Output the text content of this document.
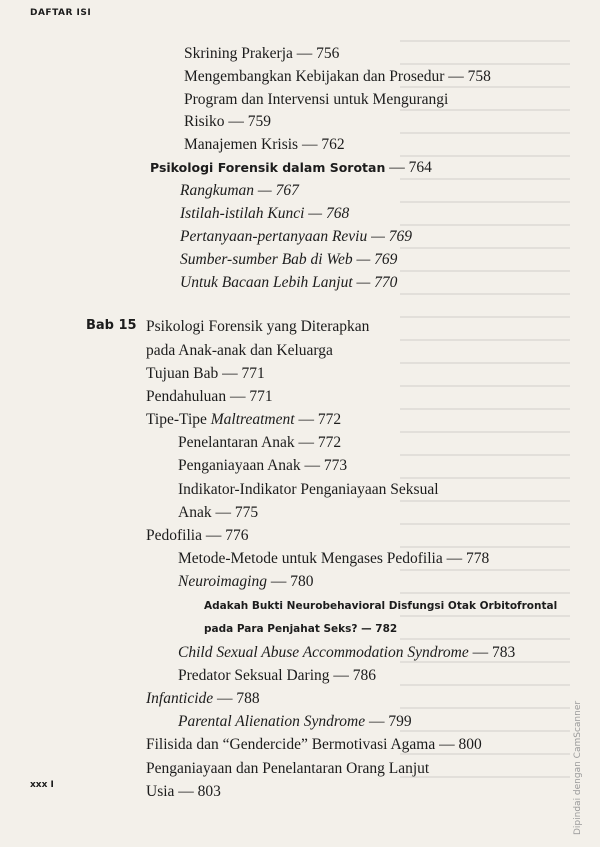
DAFTAR ISI
Skrining Prakerja — 756
Mengembangkan Kebijakan dan Prosedur — 758
Program dan Intervensi untuk Mengurangi
Risiko — 759
Manajemen Krisis — 762
Psikologi Forensik dalam Sorotan — 764
Rangkuman — 767
Istilah-istilah Kunci — 768
Pertanyaan-pertanyaan Reviu — 769
Sumber-sumber Bab di Web — 769
Untuk Bacaan Lebih Lanjut — 770
Bab 15 Psikologi Forensik yang Diterapkan
pada Anak-anak dan Keluarga
Tujuan Bab — 771
Pendahuluan — 771
Tipe-Tipe Maltreatment — 772
Penelantaran Anak — 772
Penganiayaan Anak — 773
Indikator-Indikator Penganiayaan Seksual
Anak — 775
Pedofilia — 776
Metode-Metode untuk Mengases Pedofilia — 778
Neuroimaging — 780
Adakah Bukti Neurobehavioral Disfungsi Otak Orbitofrontal
pada Para Penjahat Seks? — 782
Child Sexual Abuse Accommodation Syndrome — 783
Predator Seksual Daring — 786
Infanticide — 788
Parental Alienation Syndrome — 799
Filisida dan “Gendercide” Bermotivasi Agama — 800
Penganiayaan dan Penelantaran Orang Lanjut
Usia — 803
xxx I	Dipindai dengan CamScanner
